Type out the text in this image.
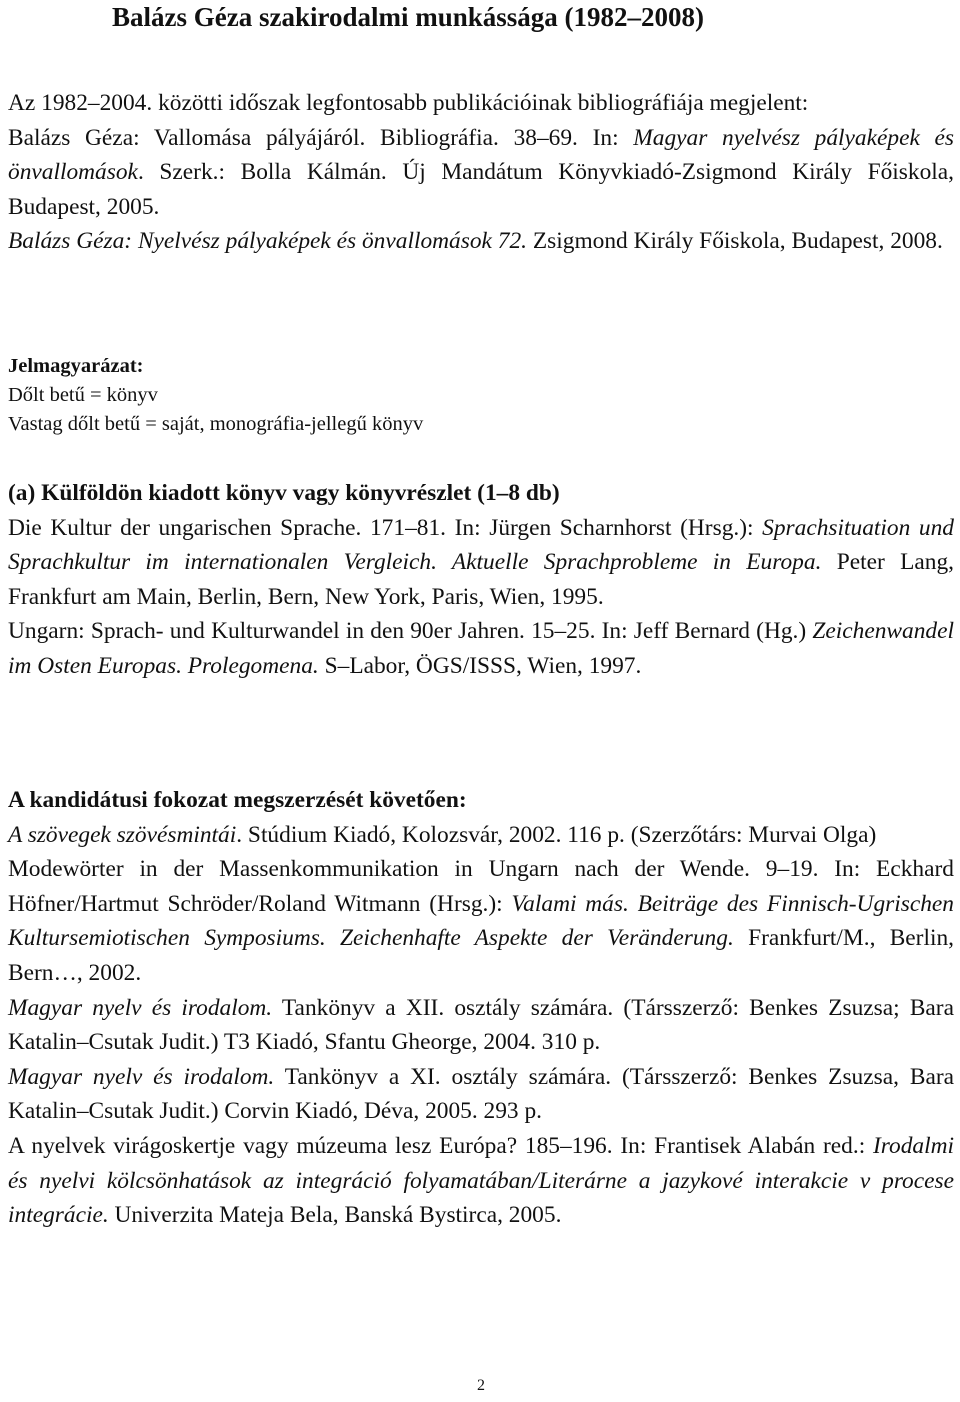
Balázs Géza szakirodalmi munkássága (1982–2008)

Az 1982–2004. közötti időszak legfontosabb publikációinak bibliográfiája megjelent:

Balázs Géza: Vallomása pályájáról. Bibliográfia. 38–69. In: Magyar nyelvész pályaképek és önvallomások. Szerk.: Bolla Kálmán. Új Mandátum Könyvkiadó-Zsigmond Király Főiskola, Budapest, 2005.

Balázs Géza: Nyelvész pályaképek és önvallomások 72. Zsigmond Király Főiskola, Budapest, 2008.

Jelmagyarázat:

Dőlt betű = könyv

Vastag dőlt betű = saját, monográfia-jellegű könyv

(a) Külföldön kiadott könyv vagy könyvrészlet (1–8 db)

Die Kultur der ungarischen Sprache. 171–81. In: Jürgen Scharnhorst (Hrsg.): Sprachsituation und Sprachkultur im internationalen Vergleich. Aktuelle Sprachprobleme in Europa. Peter Lang, Frankfurt am Main, Berlin, Bern, New York, Paris, Wien, 1995.

Ungarn: Sprach- und Kulturwandel in den 90er Jahren. 15–25. In: Jeff Bernard (Hg.) Zeichenwandel im Osten Europas. Prolegomena. S–Labor, ÖGS/ISSS, Wien, 1997.

A kandidátusi fokozat megszerzését követően:

A szövegek szövésmintái. Stúdium Kiadó, Kolozsvár, 2002. 116 p. (Szerzőtárs: Murvai Olga)

Modewörter in der Massenkommunikation in Ungarn nach der Wende. 9–19. In: Eckhard Höfner/Hartmut Schröder/Roland Witmann (Hrsg.): Valami más. Beiträge des Finnisch-Ugrischen Kultursemiotischen Symposiums. Zeichenhafte Aspekte der Veränderung. Frankfurt/M., Berlin, Bern…, 2002.

Magyar nyelv és irodalom. Tankönyv a XII. osztály számára. (Társszerző: Benkes Zsuzsa; Bara Katalin–Csutak Judit.) T3 Kiadó, Sfantu Gheorge, 2004. 310 p.

Magyar nyelv és irodalom. Tankönyv a XI. osztály számára. (Társszerző: Benkes Zsuzsa, Bara Katalin–Csutak Judit.) Corvin Kiadó, Déva, 2005. 293 p.

A nyelvek virágoskertje vagy múzeuma lesz Európa? 185–196. In: Frantisek Alabán red.: Irodalmi és nyelvi kölcsönhatások az integráció folyamatában/Literárne a jazykové interakcie v procese integrácie. Univerzita Mateja Bela, Banská Bystirca, 2005.

2
